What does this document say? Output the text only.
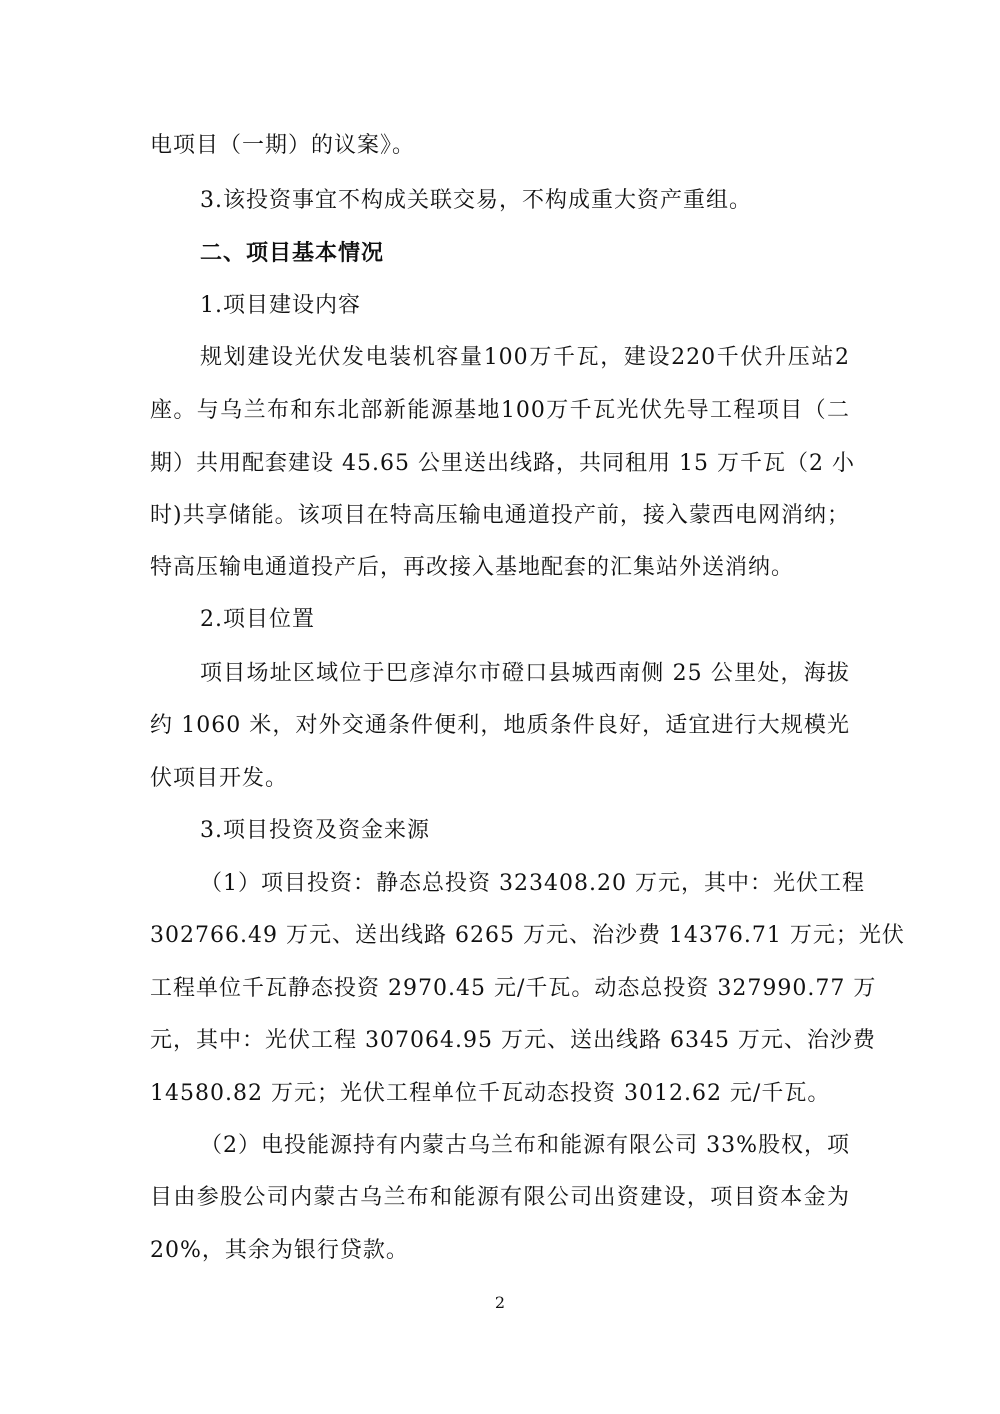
电项目（一期）的议案》。
3.该投资事宜不构成关联交易，不构成重大资产重组。
二、项目基本情况
1.项目建设内容
规划建设光伏发电装机容量100万千瓦，建设220千伏升压站2
座。与乌兰布和东北部新能源基地100万千瓦光伏先导工程项目（二
期）共用配套建设 45.65 公里送出线路，共同租用 15 万千瓦（2 小
时)共享储能。该项目在特高压输电通道投产前，接入蒙西电网消纳；
特高压输电通道投产后，再改接入基地配套的汇集站外送消纳。
2.项目位置
项目场址区域位于巴彦淖尔市磴口县城西南侧 25 公里处，海拔
约 1060 米，对外交通条件便利，地质条件良好，适宜进行大规模光
伏项目开发。
3.项目投资及资金来源
（1）项目投资：静态总投资 323408.20 万元，其中：光伏工程
302766.49 万元、送出线路 6265 万元、治沙费 14376.71 万元；光伏
工程单位千瓦静态投资 2970.45 元/千瓦。动态总投资 327990.77 万
元，其中：光伏工程 307064.95 万元、送出线路 6345 万元、治沙费
14580.82 万元；光伏工程单位千瓦动态投资 3012.62 元/千瓦。
（2）电投能源持有内蒙古乌兰布和能源有限公司 33%股权，项
目由参股公司内蒙古乌兰布和能源有限公司出资建设，项目资本金为
20%，其余为银行贷款。
2
